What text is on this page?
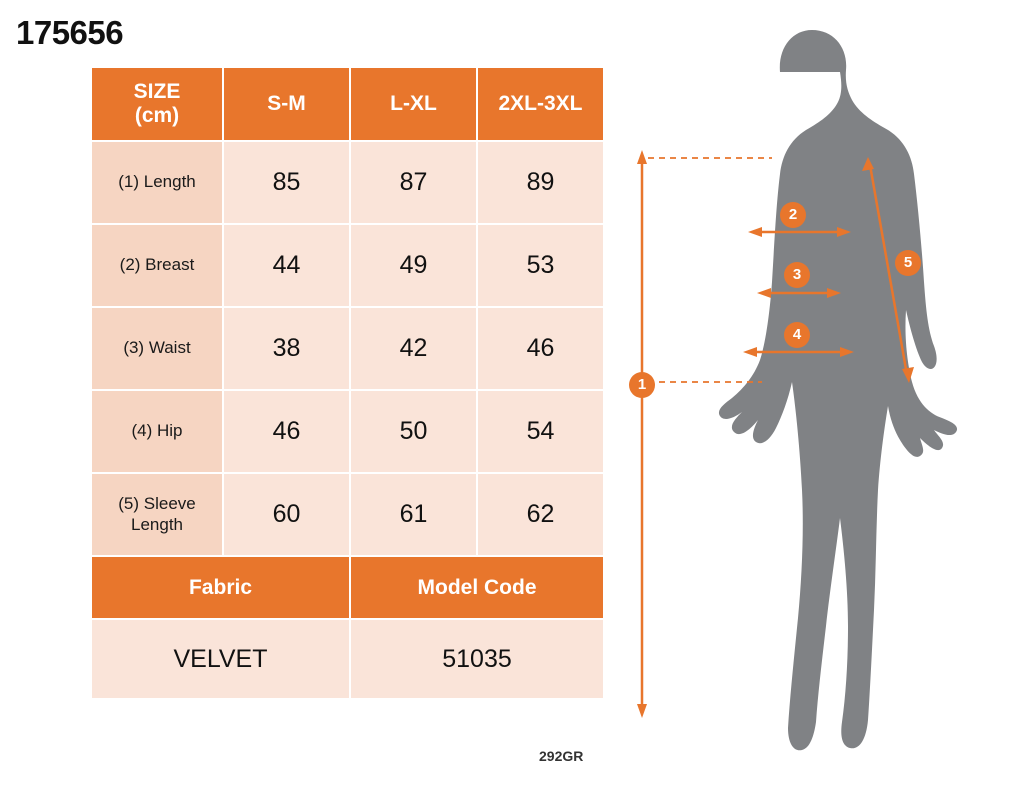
175656
SIZE
(cm)	S-M	L-XL	2XL-3XL
(1) Length	85	87	89
(2) Breast	44	49	53
(3) Waist	38	42	46
(4) Hip	46	50	54
(5) Sleeve Length	60	61	62
Fabric		Model Code	
VELVET		51035	
292GR
1
2
3
4
5
